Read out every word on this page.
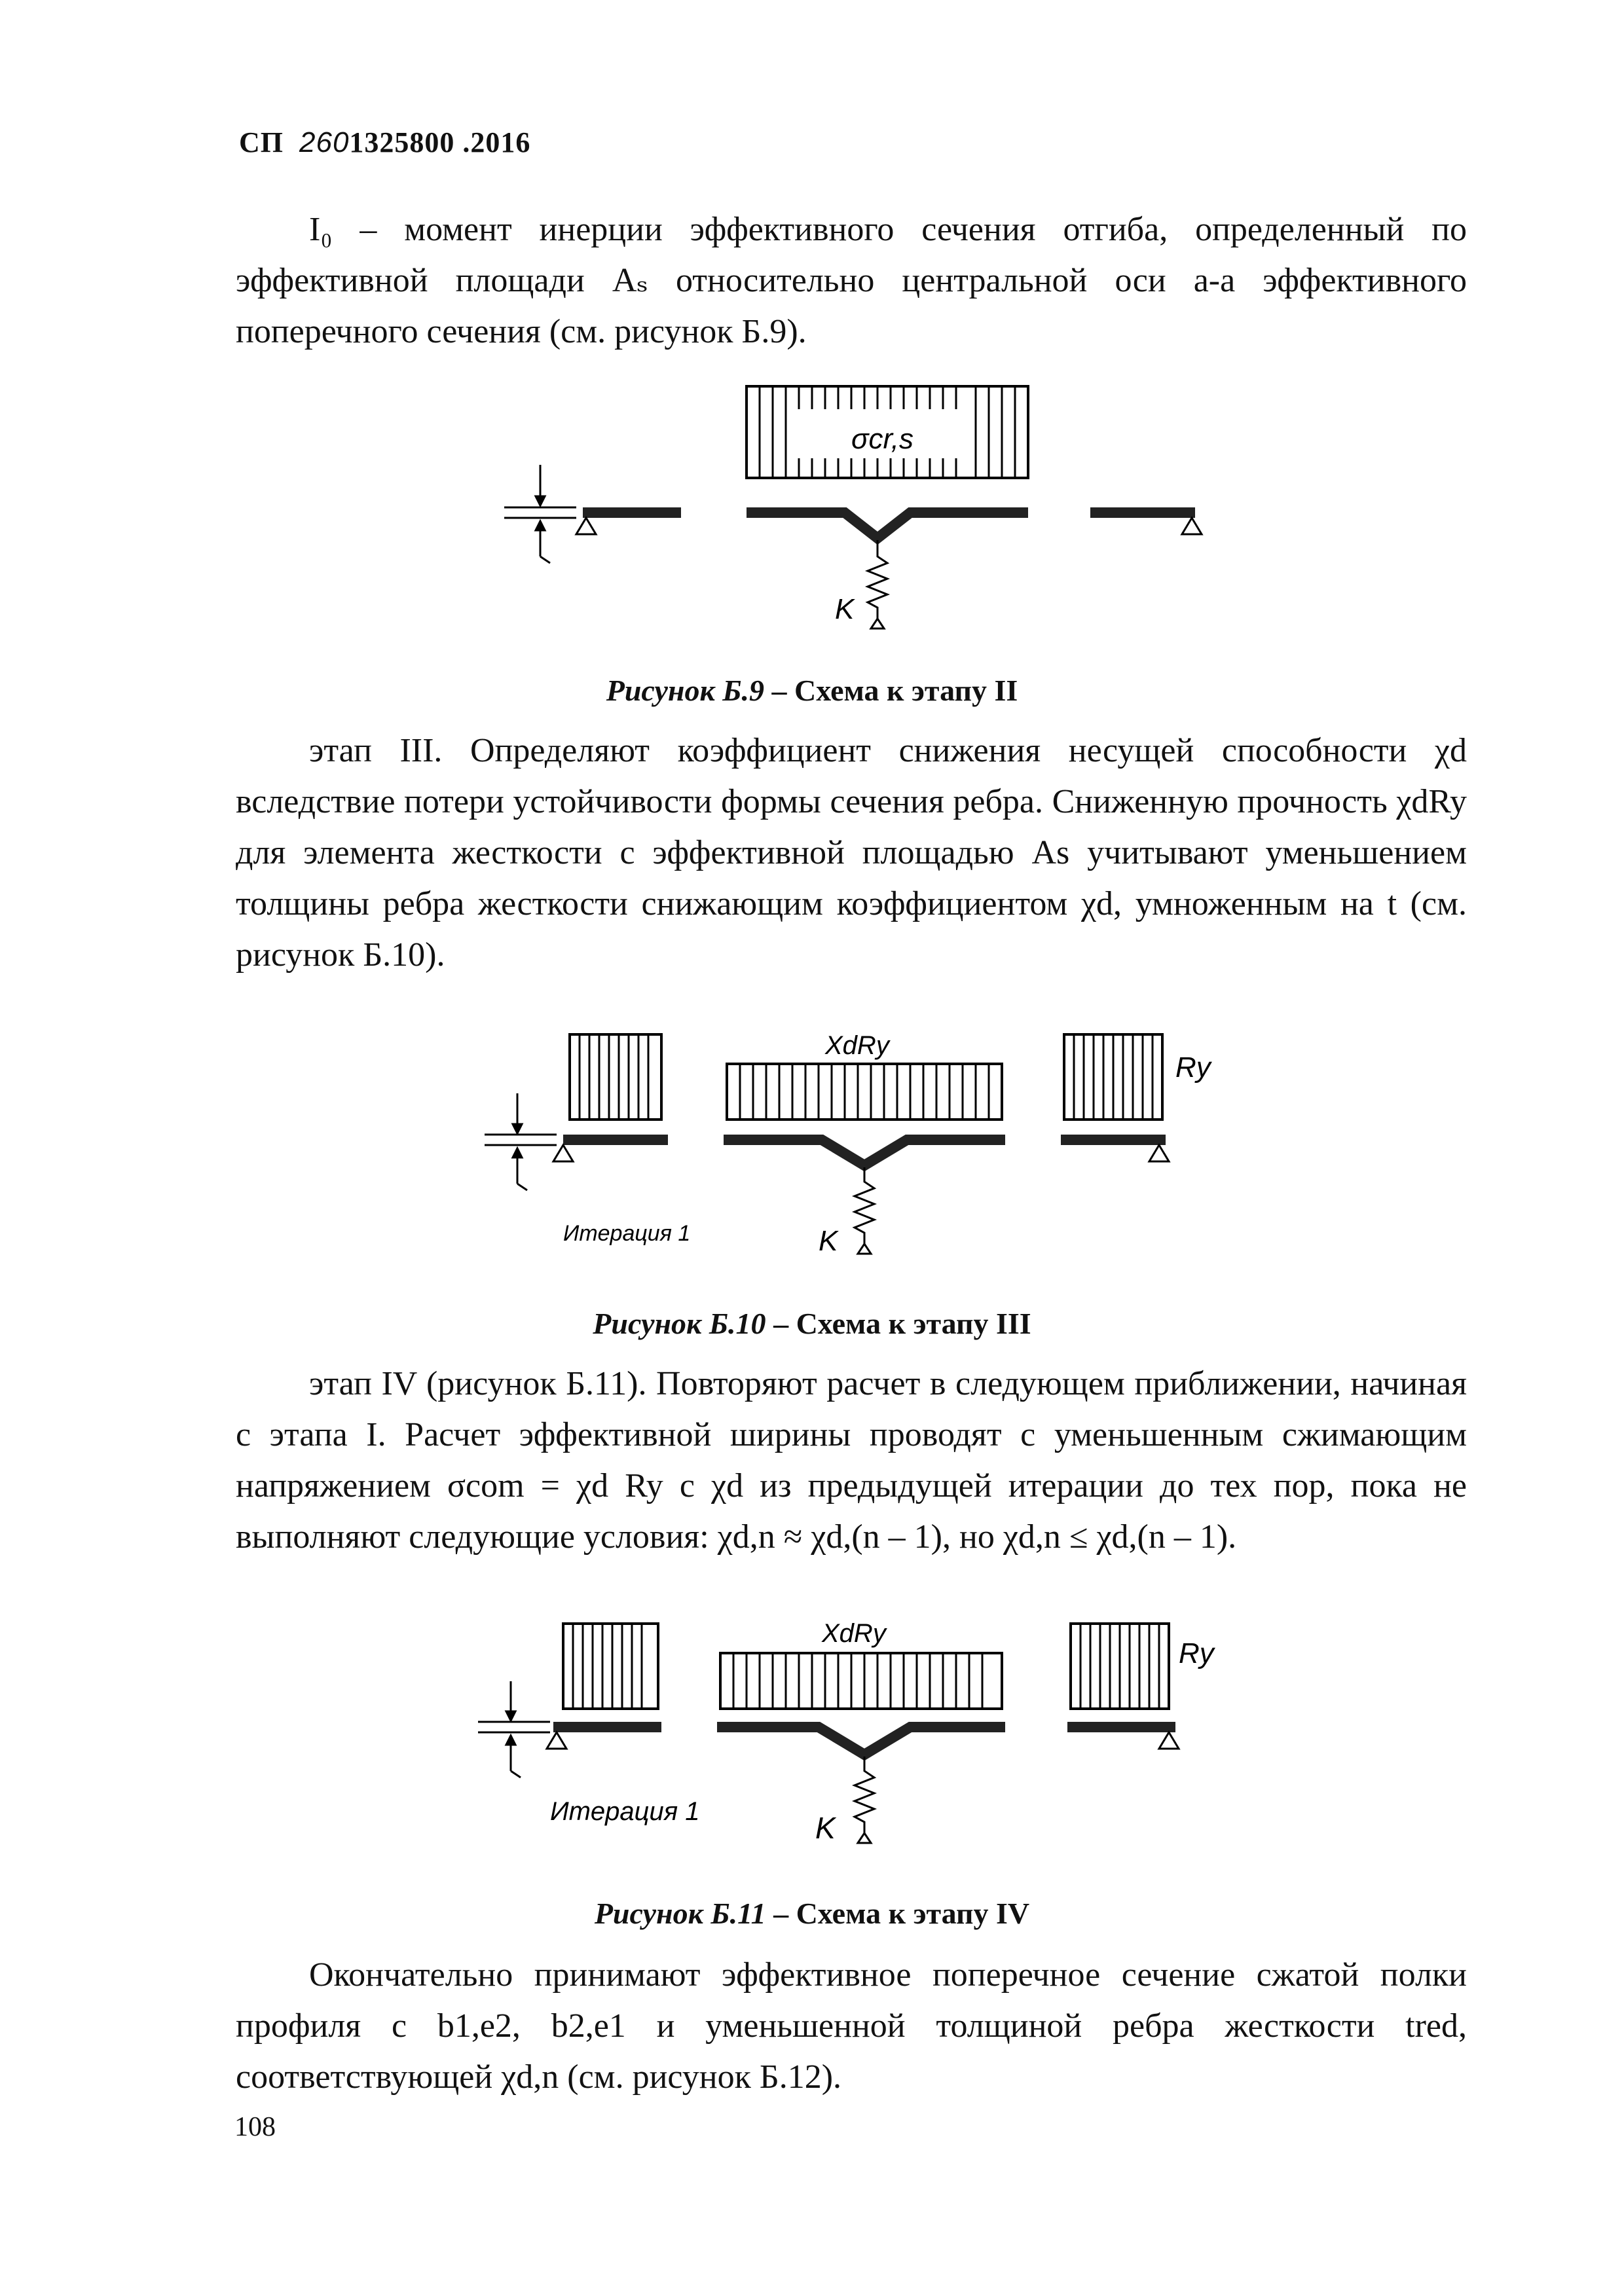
СП 2601325800 .2016

I₀ – момент инерции эффективного сечения отгиба, определенный по эффективной площади Aₛ относительно центральной оси а-а эффективного поперечного сечения (см. рисунок Б.9).

σcr,s
K
Рисунок Б.9 – Схема к этапу II

этап III. Определяют коэффициент снижения несущей способности χd вследствие потери устойчивости формы сечения ребра. Сниженную прочность χdRy для элемента жесткости с эффективной площадью As учитывают уменьшением толщины ребра жесткости снижающим коэффициентом χd, умноженным на t (см. рисунок Б.10).

XdRy
Ry
K
Итерация 1
Рисунок Б.10 – Схема к этапу III

этап IV (рисунок Б.11). Повторяют расчет в следующем приближении, начиная с этапа I. Расчет эффективной ширины проводят с уменьшенным сжимающим напряжением σcom = χd Ry с χd из предыдущей итерации до тех пор, пока не выполняют следующие условия: χd,n ≈ χd,(n – 1), но χd,n ≤ χd,(n – 1).

XdRy
Ry
K
Итерация 1
Рисунок Б.11 – Схема к этапу IV

Окончательно принимают эффективное поперечное сечение сжатой полки профиля с b1,e2, b2,e1 и уменьшенной толщиной ребра жесткости tred, соответствующей χd,n (см. рисунок Б.12).

108
